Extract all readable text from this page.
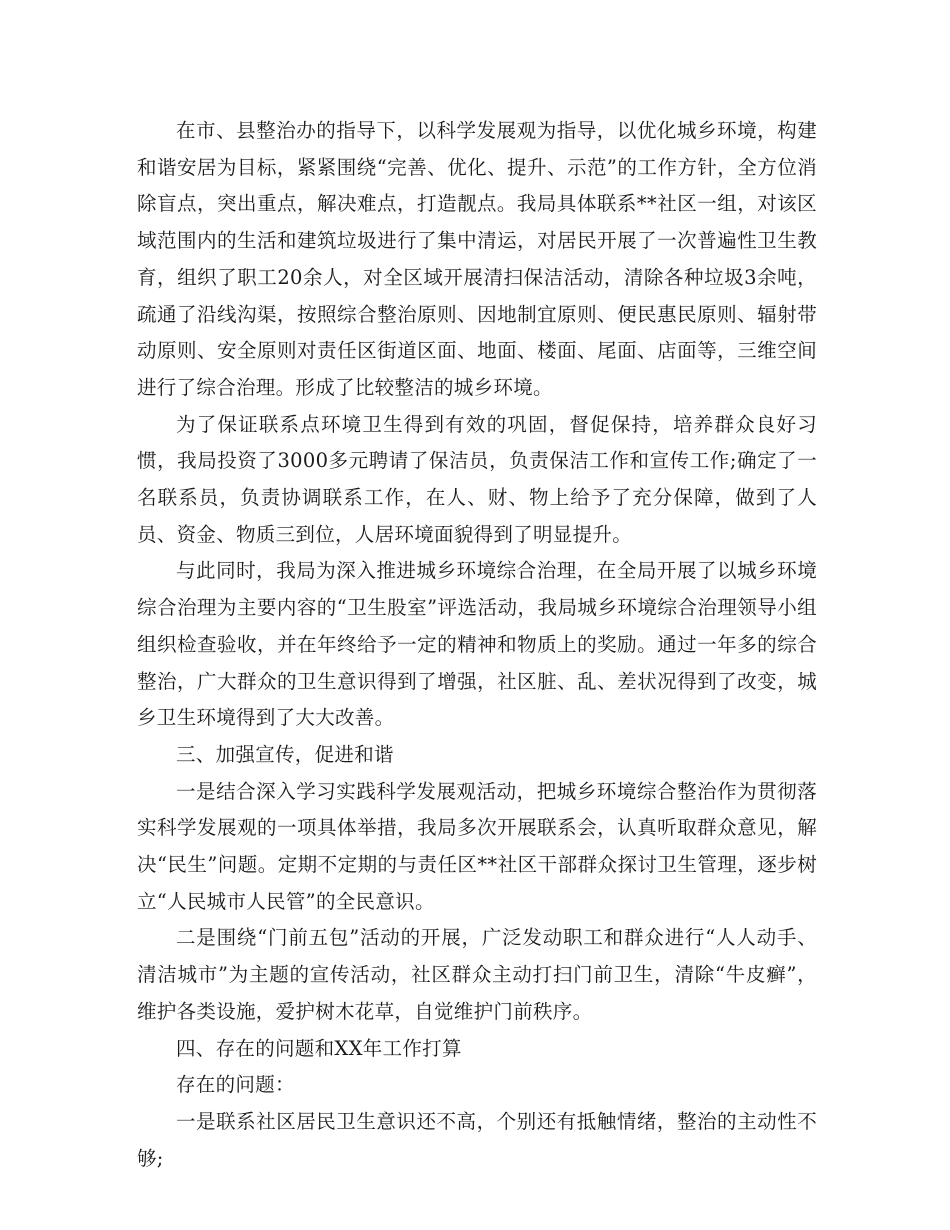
在市、县整治办的指导下，以科学发展观为指导，以优化城乡环境，构建和谐安居为目标，紧紧围绕“完善、优化、提升、示范”的工作方针，全方位消除盲点，突出重点，解决难点，打造靓点。我局具体联系**社区一组，对该区域范围内的生活和建筑垃圾进行了集中清运，对居民开展了一次普遍性卫生教育，组织了职工20余人，对全区域开展清扫保洁活动，清除各种垃圾3余吨，疏通了沿线沟渠，按照综合整治原则、因地制宜原则、便民惠民原则、辐射带动原则、安全原则对责任区街道区面、地面、楼面、尾面、店面等，三维空间进行了综合治理。形成了比较整洁的城乡环境。

为了保证联系点环境卫生得到有效的巩固，督促保持，培养群众良好习惯，我局投资了3000多元聘请了保洁员，负责保洁工作和宣传工作;确定了一名联系员，负责协调联系工作，在人、财、物上给予了充分保障，做到了人员、资金、物质三到位，人居环境面貌得到了明显提升。

与此同时，我局为深入推进城乡环境综合治理，在全局开展了以城乡环境综合治理为主要内容的“卫生股室”评选活动，我局城乡环境综合治理领导小组组织检查验收，并在年终给予一定的精神和物质上的奖励。通过一年多的综合整治，广大群众的卫生意识得到了增强，社区脏、乱、差状况得到了改变，城乡卫生环境得到了大大改善。

三、加强宣传，促进和谐

一是结合深入学习实践科学发展观活动，把城乡环境综合整治作为贯彻落实科学发展观的一项具体举措，我局多次开展联系会，认真听取群众意见，解决“民生”问题。定期不定期的与责任区**社区干部群众探讨卫生管理，逐步树立“人民城市人民管”的全民意识。

二是围绕“门前五包”活动的开展，广泛发动职工和群众进行“人人动手、清洁城市”为主题的宣传活动，社区群众主动打扫门前卫生，清除“牛皮癣”，维护各类设施，爱护树木花草，自觉维护门前秩序。

四、存在的问题和XX年工作打算

存在的问题：

一是联系社区居民卫生意识还不高，个别还有抵触情绪，整治的主动性不够;
